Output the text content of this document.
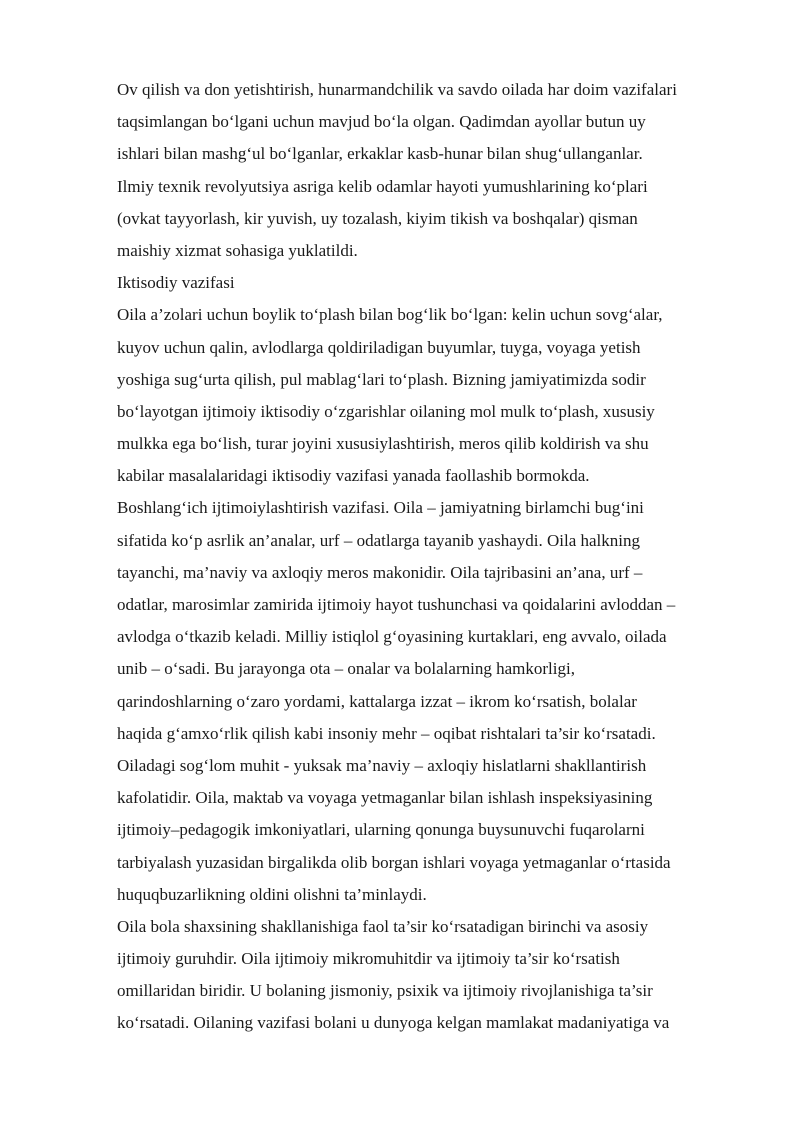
Ov qilish va don yetishtirish, hunarmandchilik va savdo oilada har doim vazifalari
taqsimlangan bo‘lgani uchun mavjud bo‘la olgan. Qadimdan ayollar butun uy
ishlari bilan mashg‘ul bo‘lganlar, erkaklar kasb-hunar bilan shug‘ullanganlar.
Ilmiy texnik revolyutsiya asriga kelib odamlar hayoti yumushlarining ko‘plari
(ovkat tayyorlash, kir yuvish, uy tozalash, kiyim tikish va boshqalar) qisman
maishiy xizmat sohasiga yuklatildi.
Iktisodiy vazifasi
Oila a’zolari uchun boylik to‘plash bilan bog‘lik bo‘lgan: kelin uchun sovg‘alar,
kuyov uchun qalin, avlodlarga qoldiriladigan buyumlar, tuyga, voyaga yetish
yoshiga sug‘urta qilish, pul mablag‘lari to‘plash. Bizning jamiyatimizda sodir
bo‘layotgan ijtimoiy iktisodiy o‘zgarishlar oilaning mol mulk to‘plash, xususiy
mulkka ega bo‘lish, turar joyini xususiylashtirish, meros qilib koldirish va shu
kabilar masalalaridagi iktisodiy vazifasi yanada faollashib bormokda.
Boshlang‘ich ijtimoiylashtirish vazifasi. Oila – jamiyatning birlamchi bug‘ini
sifatida ko‘p asrlik an’analar, urf – odatlarga tayanib yashaydi. Oila halkning
tayanchi, ma’naviy va axloqiy meros makonidir. Oila tajribasini an’ana, urf –
odatlar, marosimlar zamirida ijtimoiy hayot tushunchasi va qoidalarini avloddan –
avlodga o‘tkazib keladi. Milliy istiqlol g‘oyasining kurtaklari, eng avvalo, oilada
unib – o‘sadi. Bu jarayonga ota – onalar va bolalarning hamkorligi,
qarindoshlarning o‘zaro yordami, kattalarga izzat – ikrom ko‘rsatish, bolalar
haqida g‘amxo‘rlik qilish kabi insoniy mehr – oqibat rishtalari ta’sir ko‘rsatadi.
Oiladagi sog‘lom muhit - yuksak ma’naviy – axloqiy hislatlarni shakllantirish
kafolatidir. Oila, maktab va voyaga yetmaganlar bilan ishlash inspeksiyasining
ijtimoiy–pedagogik imkoniyatlari, ularning qonunga buysunuvchi fuqarolarni
tarbiyalash yuzasidan birgalikda olib borgan ishlari voyaga yetmaganlar o‘rtasida
huquqbuzarlikning oldini olishni ta’minlaydi.
Oila bola shaxsining shakllanishiga faol ta’sir ko‘rsatadigan birinchi va asosiy
ijtimoiy guruhdir. Oila ijtimoiy mikromuhitdir va ijtimoiy ta’sir ko‘rsatish
omillaridan biridir. U bolaning jismoniy, psixik va ijtimoiy rivojlanishiga ta’sir
ko‘rsatadi. Oilaning vazifasi bolani u dunyoga kelgan mamlakat madaniyatiga va
